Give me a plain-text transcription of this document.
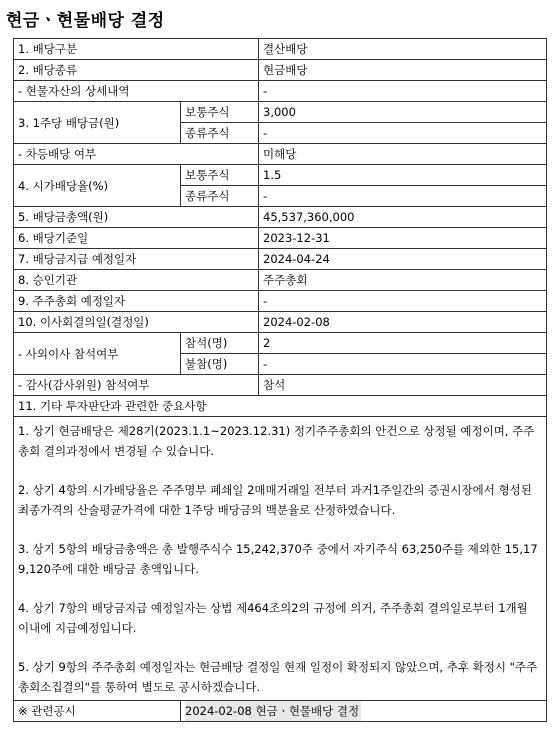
현금ㆍ현물배당 결정
1. 배당구분		결산배당
2. 배당종류		현금배당
- 현물자산의 상세내역		-
3. 1주당 배당금(원)	보통주식	3,000
	종류주식	-
- 차등배당 여부		미해당
4. 시가배당율(%)	보통주식	1.5
	종류주식	-
5. 배당금총액(원)		45,537,360,000
6. 배당기준일		2023-12-31
7. 배당금지급 예정일자		2024-04-24
8. 승인기관		주주총회
9. 주주총회 예정일자		-
10. 이사회결의일(결정일)		2024-02-08
- 사외이사 참석여부	참석(명)	2
	불참(명)	-
- 감사(감사위원) 참석여부		참석
11. 기타 투자판단과 관련한 중요사항		

1. 상기 현금배당은 제28기(2023.1.1~2023.12.31) 정기주주총회의 안건으로 상정될 예정이며, 주주총회 결의과정에서 변경될 수 있습니다.
2. 상기 4항의 시가배당율은 주주명부 폐쇄일 2매매거래일 전부터 과거1주일간의 증권시장에서 형성된 최종가격의 산술평균가격에 대한 1주당 배당금의 백분율로 산정하였습니다.
3. 상기 5항의 배당금총액은 총 발행주식수 15,242,370주 중에서 자기주식 63,250주를 제외한 15,179,120주에 대한 배당금 총액입니다.
4. 상기 7항의 배당금지급 예정일자는 상법 제464조의2의 규정에 의거, 주주총회 결의일로부터 1개월 이내에 지급예정입니다.
5. 상기 9항의 주주총회 예정일자는 현금배당 결정일 현재 일정이 확정되지 않았으며, 추후 확정시 "주주총회소집결의"를 통하여 별도로 공시하겠습니다.		

※ 관련공시	2024-02-08 현금ㆍ현물배당 결정	
